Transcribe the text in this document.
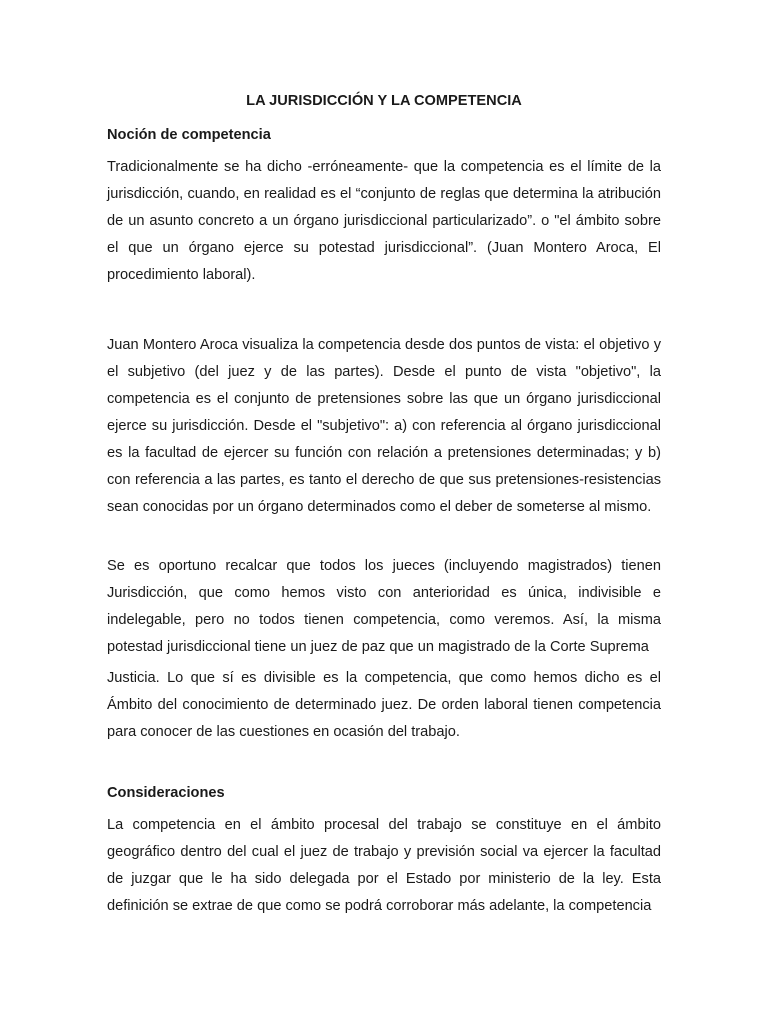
LA JURISDICCIÓN Y LA COMPETENCIA
Noción de competencia

Tradicionalmente se ha dicho -erróneamente- que la competencia es el límite de la jurisdicción, cuando, en realidad es el “conjunto de reglas que determina la atribución de un asunto concreto a un órgano jurisdiccional particularizado”. o "el ámbito sobre el que un órgano ejerce su potestad jurisdiccional”. (Juan Montero Aroca, El procedimiento laboral).

Juan Montero Aroca visualiza la competencia desde dos puntos de vista: el objetivo y el subjetivo (del juez y de las partes). Desde el punto de vista "objetivo", la competencia es el conjunto de pretensiones sobre las que un órgano jurisdiccional ejerce su jurisdicción. Desde el "subjetivo": a) con referencia al órgano jurisdiccional es la facultad de ejercer su función con relación a pretensiones determinadas; y b) con referencia a las partes, es tanto el derecho de que sus pretensiones-resistencias sean conocidas por un órgano determinados como el deber de someterse al mismo.

Se es oportuno recalcar que todos los jueces (incluyendo magistrados) tienen Jurisdicción, que como hemos visto con anterioridad es única, indivisible e indelegable, pero no todos tienen competencia, como veremos. Así, la misma potestad jurisdiccional tiene un juez de paz que un magistrado de la Corte Suprema

Justicia. Lo que sí es divisible es la competencia, que como hemos dicho es el Ámbito del conocimiento de determinado juez. De orden laboral tienen competencia para conocer de las cuestiones en ocasión del trabajo.

Consideraciones

La competencia en el ámbito procesal del trabajo se constituye en el ámbito geográfico dentro del cual el juez de trabajo y previsión social va ejercer la facultad de juzgar que le ha sido delegada por el Estado por ministerio de la ley. Esta definición se extrae de que como se podrá corroborar más adelante, la competencia
